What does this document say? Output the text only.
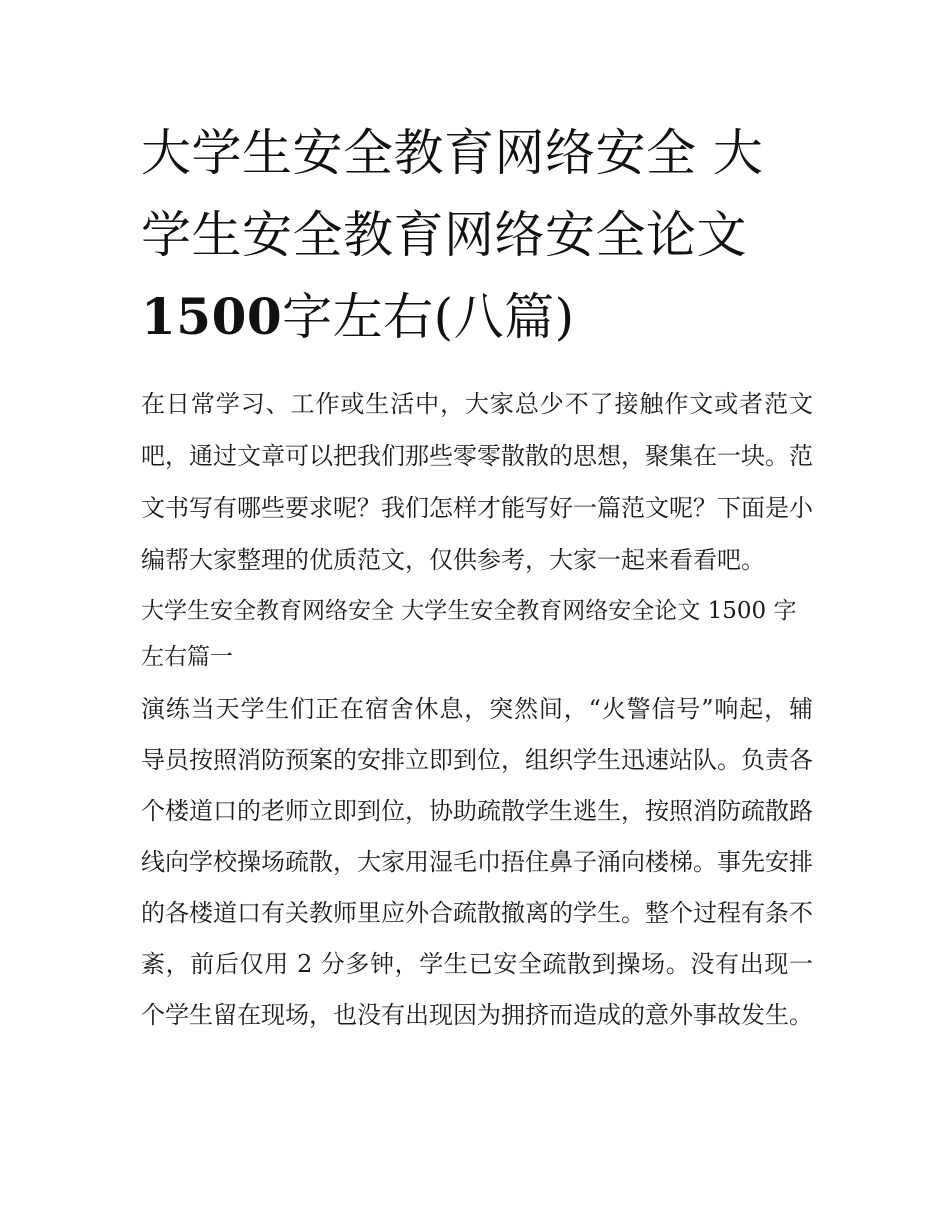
大学生安全教育网络安全 大学生安全教育网络安全论文1500字左右(八篇)

在日常学习、工作或生活中，大家总少不了接触作文或者范文吧，通过文章可以把我们那些零零散散的思想，聚集在一块。范文书写有哪些要求呢？我们怎样才能写好一篇范文呢？下面是小编帮大家整理的优质范文，仅供参考，大家一起来看看吧。

大学生安全教育网络安全 大学生安全教育网络安全论文 1500 字左右篇一

演练当天学生们正在宿舍休息，突然间，“火警信号”响起，辅导员按照消防预案的安排立即到位，组织学生迅速站队。负责各个楼道口的老师立即到位，协助疏散学生逃生，按照消防疏散路线向学校操场疏散，大家用湿毛巾捂住鼻子涌向楼梯。事先安排的各楼道口有关教师里应外合疏散撤离的学生。整个过程有条不紊，前后仅用 2 分多钟，学生已安全疏散到操场。没有出现一个学生留在现场，也没有出现因为拥挤而造成的意外事故发生。
